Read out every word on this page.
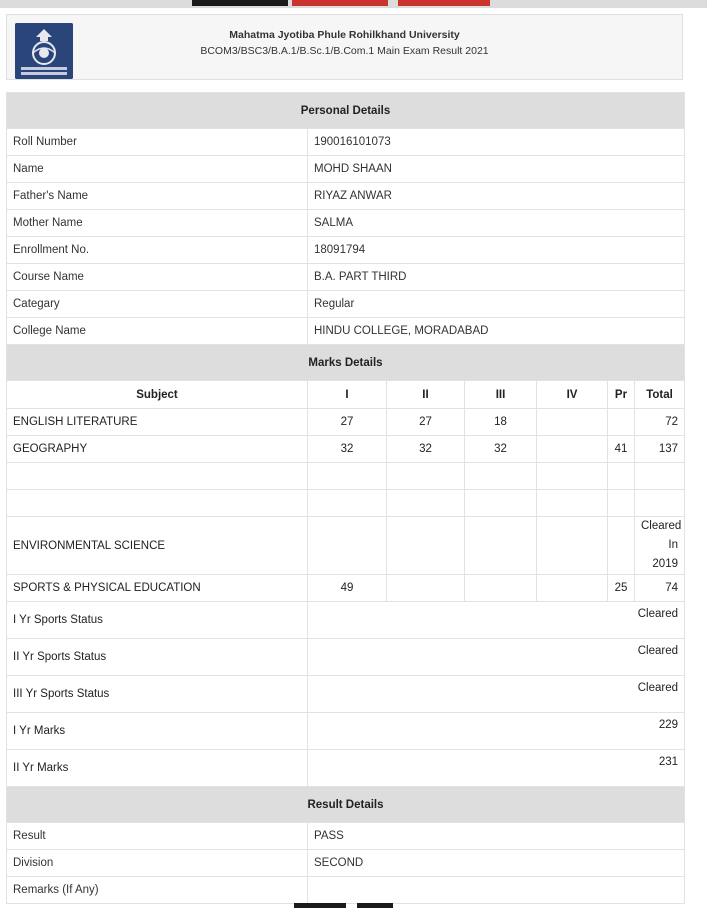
Mahatma Jyotiba Phule Rohilkhand University
BCOM3/BSC3/B.A.1/B.Sc.1/B.Com.1 Main Exam Result 2021
Personal Details						
Roll Number	190016101073					
Name	MOHD SHAAN					
Father's Name	RIYAZ ANWAR					
Mother Name	SALMA					
Enrollment No.	18091794					
Course Name	B.A. PART THIRD					
Categary	Regular					
College Name	HINDU COLLEGE, MORADABAD					
Marks Details						
Subject	I	II	III	IV	Pr	Total
ENGLISH LITERATURE	27	27	18			72
GEOGRAPHY	32	32	32		41	137

ENVIRONMENTAL SCIENCE						Cleared In 2019
SPORTS & PHYSICAL EDUCATION	49				25	74
I Yr Sports Status	Cleared					
II Yr Sports Status	Cleared					
III Yr Sports Status	Cleared					
I Yr Marks	229					
II Yr Marks	231					
Result Details						
Result	PASS					
Division	SECOND					
Remarks (If Any)						
